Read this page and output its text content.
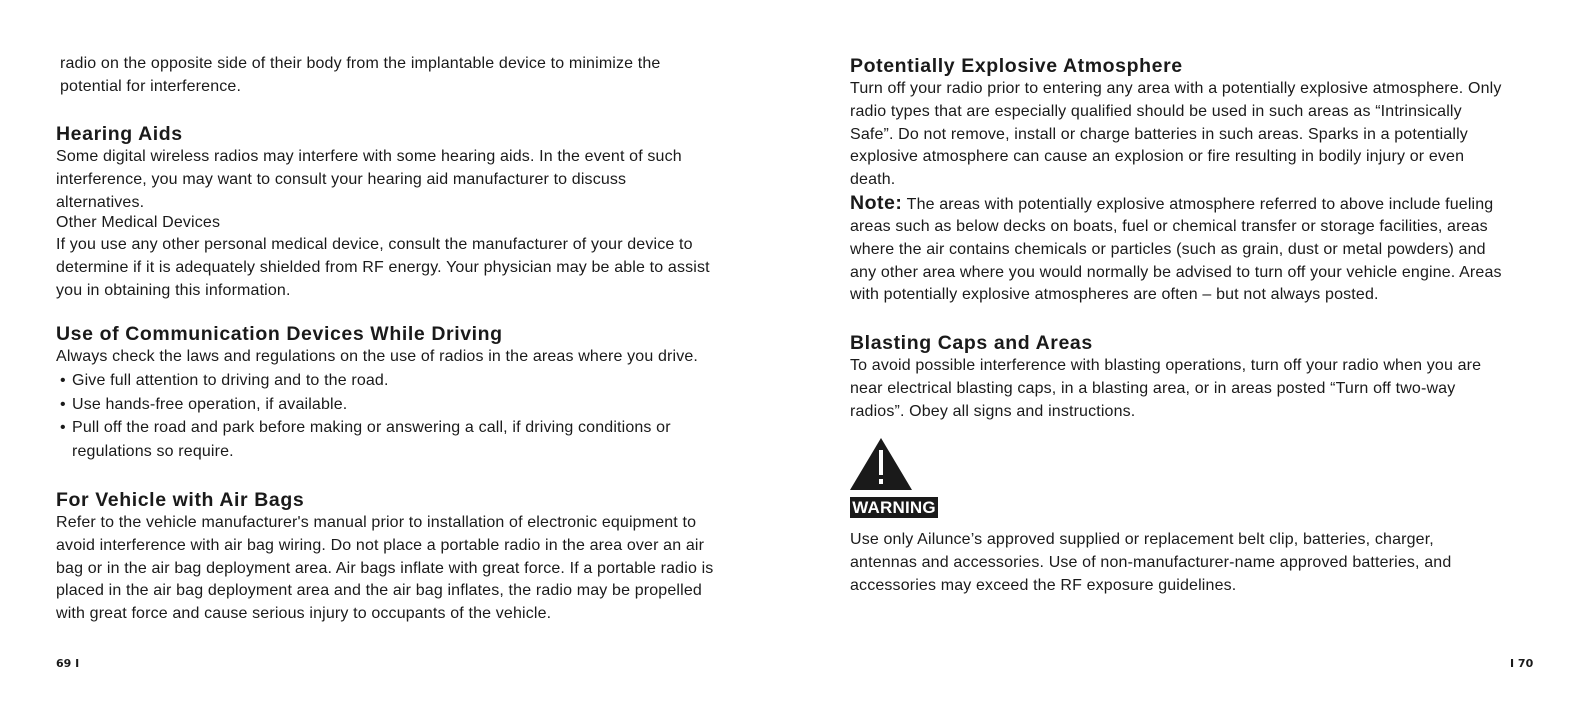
radio on the opposite side of their body from the implantable device to minimize the
potential for interference.

Hearing Aids

Some digital wireless radios may interfere with some hearing aids. In the event of such
interference, you may want to consult your hearing aid manufacturer to discuss
alternatives.

Other Medical Devices

If you use any other personal medical device, consult the manufacturer of your device to
determine if it is adequately shielded from RF energy. Your physician may be able to assist
you in obtaining this information.

Use of Communication Devices While Driving

Always check the laws and regulations on the use of radios in the areas where you drive.

• Give full attention to driving and to the road.

• Use hands-free operation, if available.

• Pull off the road and park before making or answering a call, if driving conditions or
regulations so require.

For Vehicle with Air Bags

Refer to the vehicle manufacturer's manual prior to installation of electronic equipment to
avoid interference with air bag wiring. Do not place a portable radio in the area over an air
bag or in the air bag deployment area. Air bags inflate with great force. If a portable radio is
placed in the air bag deployment area and the air bag inflates, the radio may be propelled
with great force and cause serious injury to occupants of the vehicle.

69 I

Potentially Explosive Atmosphere

Turn off your radio prior to entering any area with a potentially explosive atmosphere. Only
radio types that are especially qualified should be used in such areas as “Intrinsically
Safe”. Do not remove, install or charge batteries in such areas. Sparks in a potentially
explosive atmosphere can cause an explosion or fire resulting in bodily injury or even
death.

Note: The areas with potentially explosive atmosphere referred to above include fueling

areas such as below decks on boats, fuel or chemical transfer or storage facilities, areas
where the air contains chemicals or particles (such as grain, dust or metal powders) and
any other area where you would normally be advised to turn off your vehicle engine. Areas
with potentially explosive atmospheres are often – but not always posted.

Blasting Caps and Areas

To avoid possible interference with blasting operations, turn off your radio when you are
near electrical blasting caps, in a blasting area, or in areas posted “Turn off two-way
radios”. Obey all signs and instructions.

Use only Ailunce’s approved supplied or replacement belt clip, batteries, charger,
antennas and accessories. Use of non-manufacturer-name approved batteries, and
accessories may exceed the RF exposure guidelines.

WARNING
I 70
